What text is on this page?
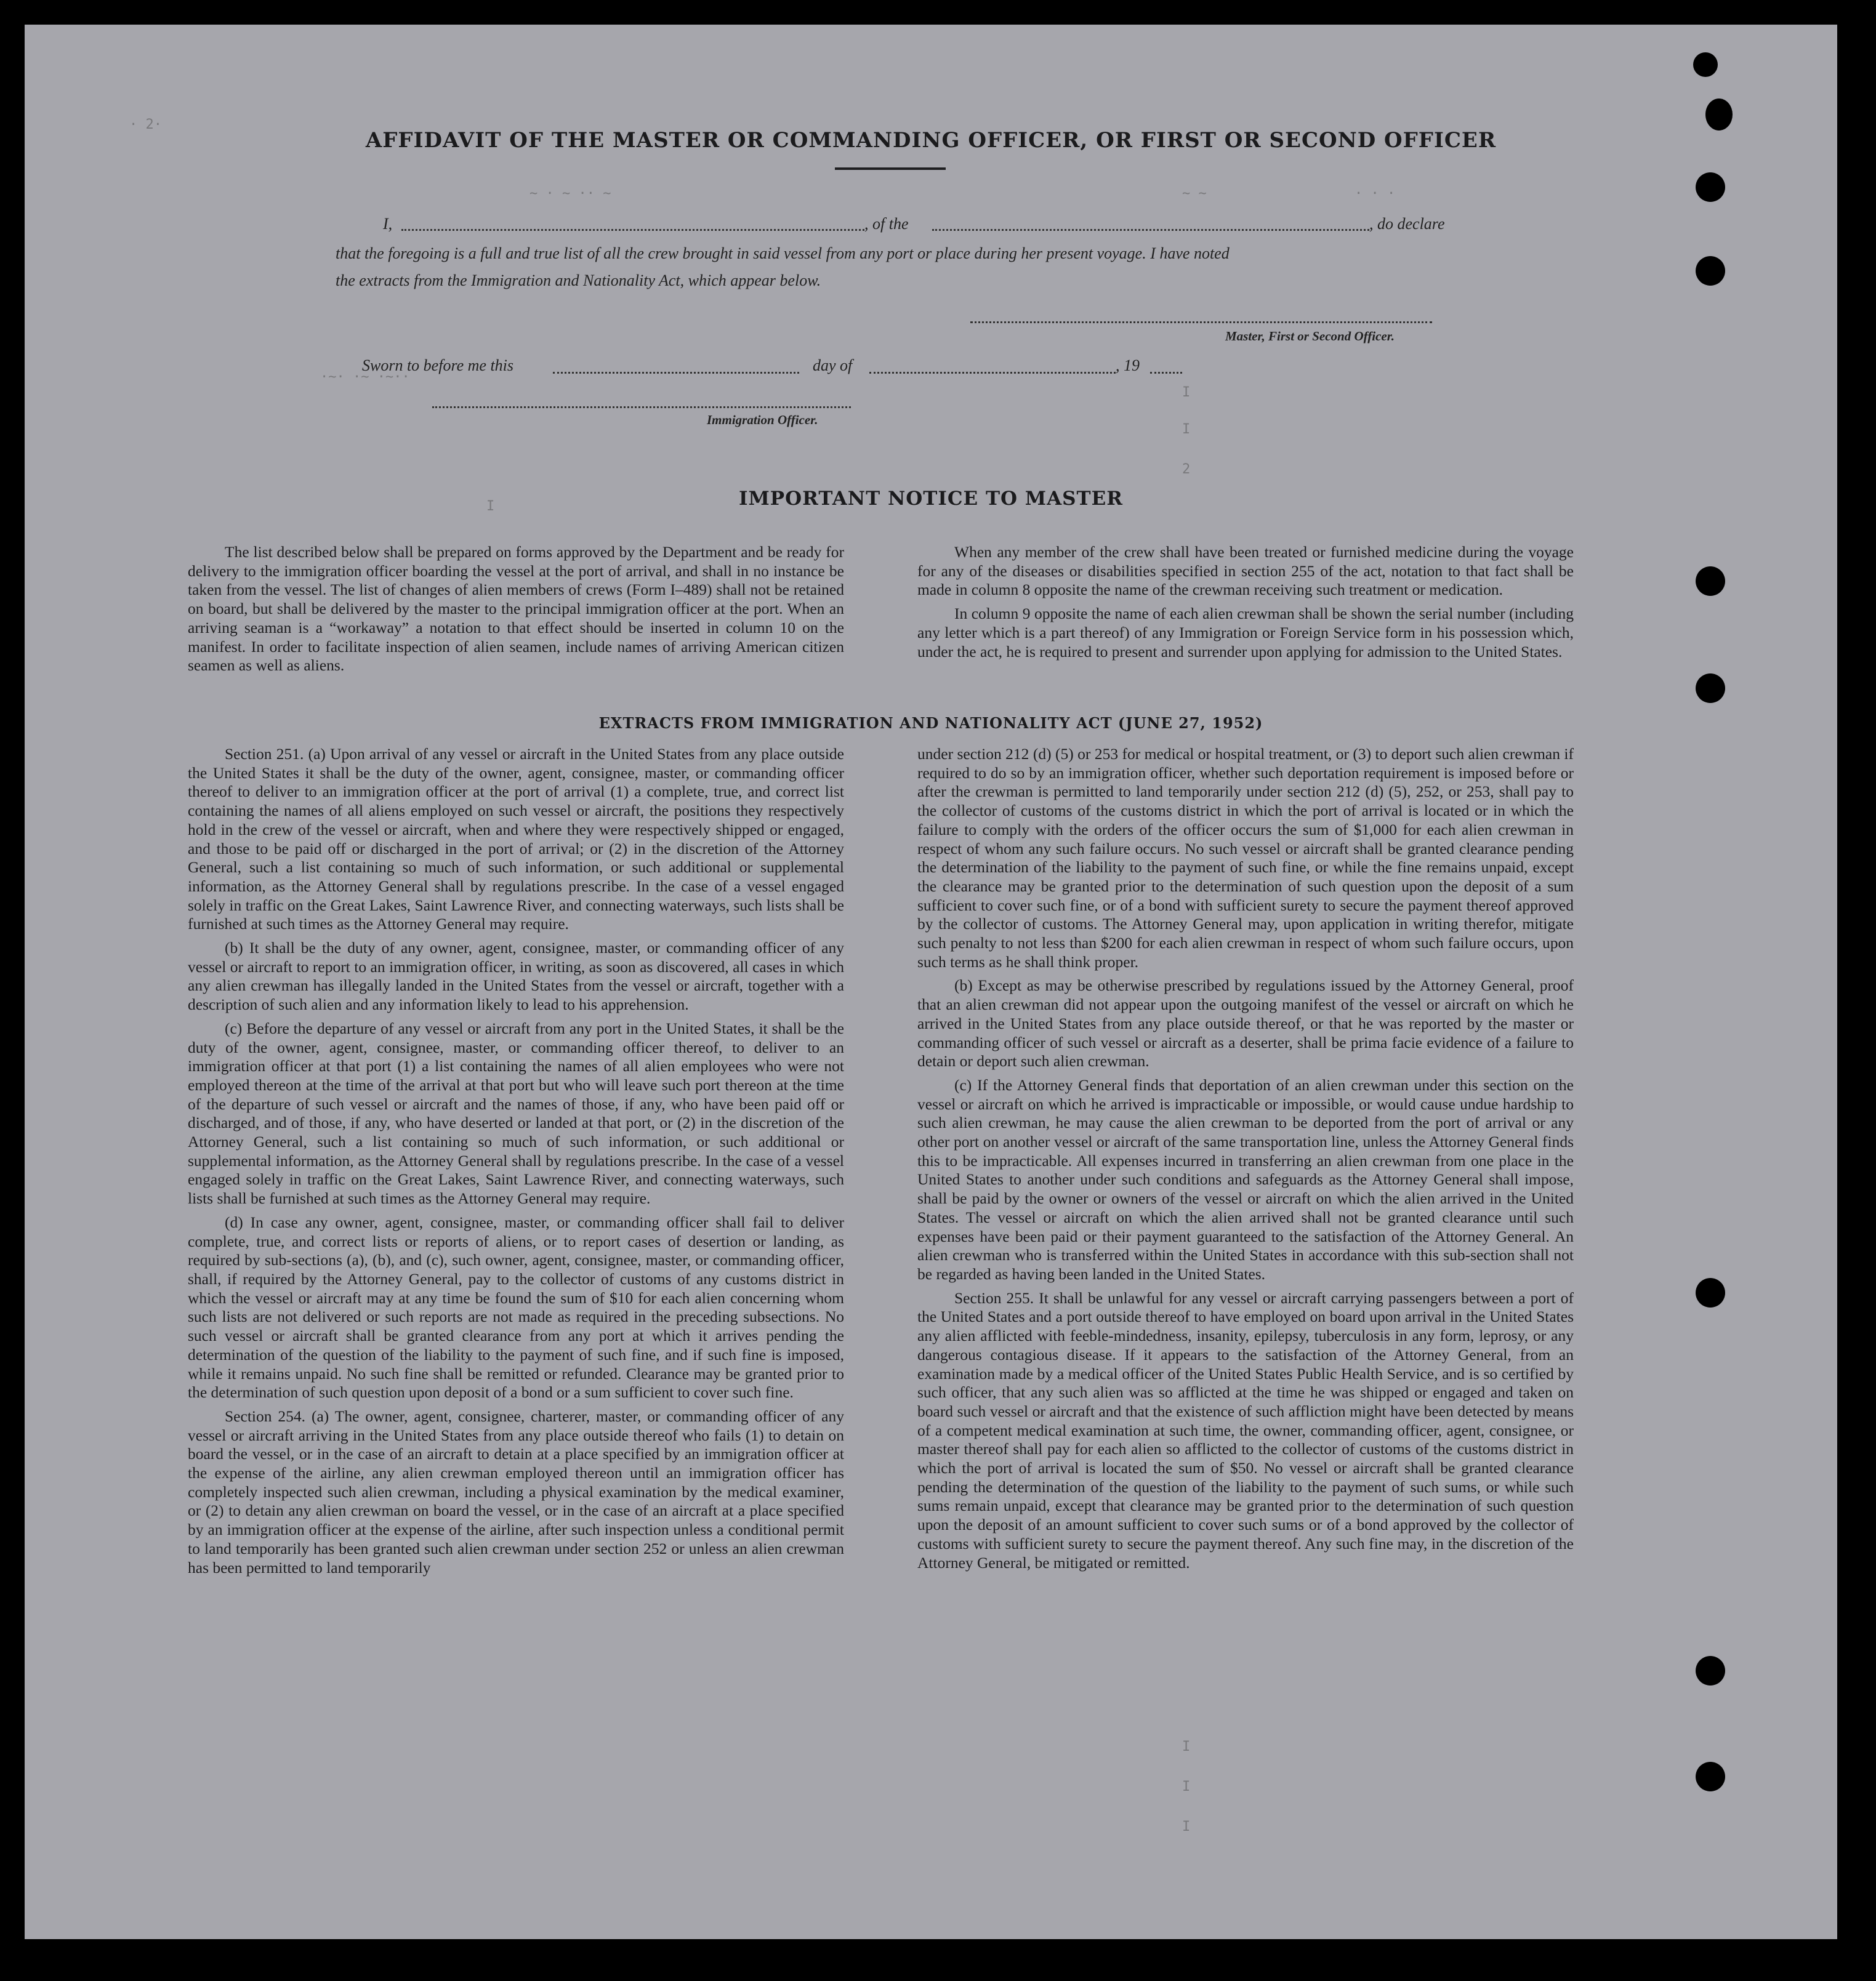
· 2·
~ · ~ ·· ~	~ ~	· · ·
·~· ·~ ·~··
I
I
2
I
I
I
I
AFFIDAVIT OF THE MASTER OR COMMANDING OFFICER, OR FIRST OR SECOND OFFICER
I,	, of the	, do declare
that the foregoing is a full and true list of all the crew brought in said vessel from any port or place during her present voyage. I have noted
the extracts from the Immigration and Nationality Act, which appear below.
Master, First or Second Officer.
Sworn to before me this	day of	, 19
Immigration Officer.
IMPORTANT NOTICE TO MASTER

The list described below shall be prepared on forms approved by the Department and be ready for delivery to the immigration officer boarding the vessel at the port of arrival, and shall in no instance be taken from the vessel. The list of changes of alien members of crews (Form I–489) shall not be retained on board, but shall be delivered by the master to the principal immigration officer at the port. When an arriving seaman is a “workaway” a notation to that effect should be inserted in column 10 on the manifest. In order to facilitate inspection of alien seamen, include names of arriving American citizen seamen as well as aliens.

When any member of the crew shall have been treated or furnished medicine during the voyage for any of the diseases or disabilities specified in section 255 of the act, notation to that fact shall be made in column 8 opposite the name of the crewman receiving such treatment or medication.

In column 9 opposite the name of each alien crewman shall be shown the serial number (including any letter which is a part thereof) of any Immigration or Foreign Service form in his possession which, under the act, he is required to present and surrender upon applying for admission to the United States.

EXTRACTS FROM IMMIGRATION AND NATIONALITY ACT (JUNE 27, 1952)

Section 251. (a) Upon arrival of any vessel or aircraft in the United States from any place outside the United States it shall be the duty of the owner, agent, consignee, master, or commanding officer thereof to deliver to an immigration officer at the port of arrival (1) a complete, true, and correct list containing the names of all aliens employed on such vessel or aircraft, the positions they respectively hold in the crew of the vessel or aircraft, when and where they were respectively shipped or engaged, and those to be paid off or discharged in the port of arrival; or (2) in the discretion of the Attorney General, such a list containing so much of such information, or such additional or supplemental information, as the Attorney General shall by regulations prescribe. In the case of a vessel engaged solely in traffic on the Great Lakes, Saint Lawrence River, and connecting waterways, such lists shall be furnished at such times as the Attorney General may require.

(b) It shall be the duty of any owner, agent, consignee, master, or commanding officer of any vessel or aircraft to report to an immigration officer, in writing, as soon as discovered, all cases in which any alien crewman has illegally landed in the United States from the vessel or aircraft, together with a description of such alien and any information likely to lead to his apprehension.

(c) Before the departure of any vessel or aircraft from any port in the United States, it shall be the duty of the owner, agent, consignee, master, or commanding officer thereof, to deliver to an immigration officer at that port (1) a list containing the names of all alien employees who were not employed thereon at the time of the arrival at that port but who will leave such port thereon at the time of the departure of such vessel or aircraft and the names of those, if any, who have been paid off or discharged, and of those, if any, who have deserted or landed at that port, or (2) in the discretion of the Attorney General, such a list containing so much of such information, or such additional or supplemental information, as the Attorney General shall by regulations prescribe. In the case of a vessel engaged solely in traffic on the Great Lakes, Saint Lawrence River, and connecting waterways, such lists shall be furnished at such times as the Attorney General may require.

(d) In case any owner, agent, consignee, master, or commanding officer shall fail to deliver complete, true, and correct lists or reports of aliens, or to report cases of desertion or landing, as required by sub-sections (a), (b), and (c), such owner, agent, consignee, master, or commanding officer, shall, if required by the Attorney General, pay to the collector of customs of any customs district in which the vessel or aircraft may at any time be found the sum of $10 for each alien concerning whom such lists are not delivered or such reports are not made as required in the preceding subsections. No such vessel or aircraft shall be granted clearance from any port at which it arrives pending the determination of the question of the liability to the payment of such fine, and if such fine is imposed, while it remains unpaid. No such fine shall be remitted or refunded. Clearance may be granted prior to the determination of such question upon deposit of a bond or a sum sufficient to cover such fine.

Section 254. (a) The owner, agent, consignee, charterer, master, or commanding officer of any vessel or aircraft arriving in the United States from any place outside thereof who fails (1) to detain on board the vessel, or in the case of an aircraft to detain at a place specified by an immigration officer at the expense of the airline, any alien crewman employed thereon until an immigration officer has completely inspected such alien crewman, including a physical examination by the medical examiner, or (2) to detain any alien crewman on board the vessel, or in the case of an aircraft at a place specified by an immigration officer at the expense of the airline, after such inspection unless a conditional permit to land temporarily has been granted such alien crewman under section 252 or unless an alien crewman has been permitted to land temporarily

under section 212 (d) (5) or 253 for medical or hospital treatment, or (3) to deport such alien crewman if required to do so by an immigration officer, whether such deportation requirement is imposed before or after the crewman is permitted to land temporarily under section 212 (d) (5), 252, or 253, shall pay to the collector of customs of the customs district in which the port of arrival is located or in which the failure to comply with the orders of the officer occurs the sum of $1,000 for each alien crewman in respect of whom any such failure occurs. No such vessel or aircraft shall be granted clearance pending the determination of the liability to the payment of such fine, or while the fine remains unpaid, except the clearance may be granted prior to the determination of such question upon the deposit of a sum sufficient to cover such fine, or of a bond with sufficient surety to secure the payment thereof approved by the collector of customs. The Attorney General may, upon application in writing therefor, mitigate such penalty to not less than $200 for each alien crewman in respect of whom such failure occurs, upon such terms as he shall think proper.

(b) Except as may be otherwise prescribed by regulations issued by the Attorney General, proof that an alien crewman did not appear upon the outgoing manifest of the vessel or aircraft on which he arrived in the United States from any place outside thereof, or that he was reported by the master or commanding officer of such vessel or aircraft as a deserter, shall be prima facie evidence of a failure to detain or deport such alien crewman.

(c) If the Attorney General finds that deportation of an alien crewman under this section on the vessel or aircraft on which he arrived is impracticable or impossible, or would cause undue hardship to such alien crewman, he may cause the alien crewman to be deported from the port of arrival or any other port on another vessel or aircraft of the same transportation line, unless the Attorney General finds this to be impracticable. All expenses incurred in transferring an alien crewman from one place in the United States to another under such conditions and safeguards as the Attorney General shall impose, shall be paid by the owner or owners of the vessel or aircraft on which the alien arrived in the United States. The vessel or aircraft on which the alien arrived shall not be granted clearance until such expenses have been paid or their payment guaranteed to the satisfaction of the Attorney General. An alien crewman who is transferred within the United States in accordance with this sub-section shall not be regarded as having been landed in the United States.

Section 255. It shall be unlawful for any vessel or aircraft carrying passengers between a port of the United States and a port outside thereof to have employed on board upon arrival in the United States any alien afflicted with feeble-mindedness, insanity, epilepsy, tuberculosis in any form, leprosy, or any dangerous contagious disease. If it appears to the satisfaction of the Attorney General, from an examination made by a medical officer of the United States Public Health Service, and is so certified by such officer, that any such alien was so afflicted at the time he was shipped or engaged and taken on board such vessel or aircraft and that the existence of such affliction might have been detected by means of a competent medical examination at such time, the owner, commanding officer, agent, consignee, or master thereof shall pay for each alien so afflicted to the collector of customs of the customs district in which the port of arrival is located the sum of $50. No vessel or aircraft shall be granted clearance pending the determination of the question of the liability to the payment of such sums, or while such sums remain unpaid, except that clearance may be granted prior to the determination of such question upon the deposit of an amount sufficient to cover such sums or of a bond approved by the collector of customs with sufficient surety to secure the payment thereof. Any such fine may, in the discretion of the Attorney General, be mitigated or remitted.
